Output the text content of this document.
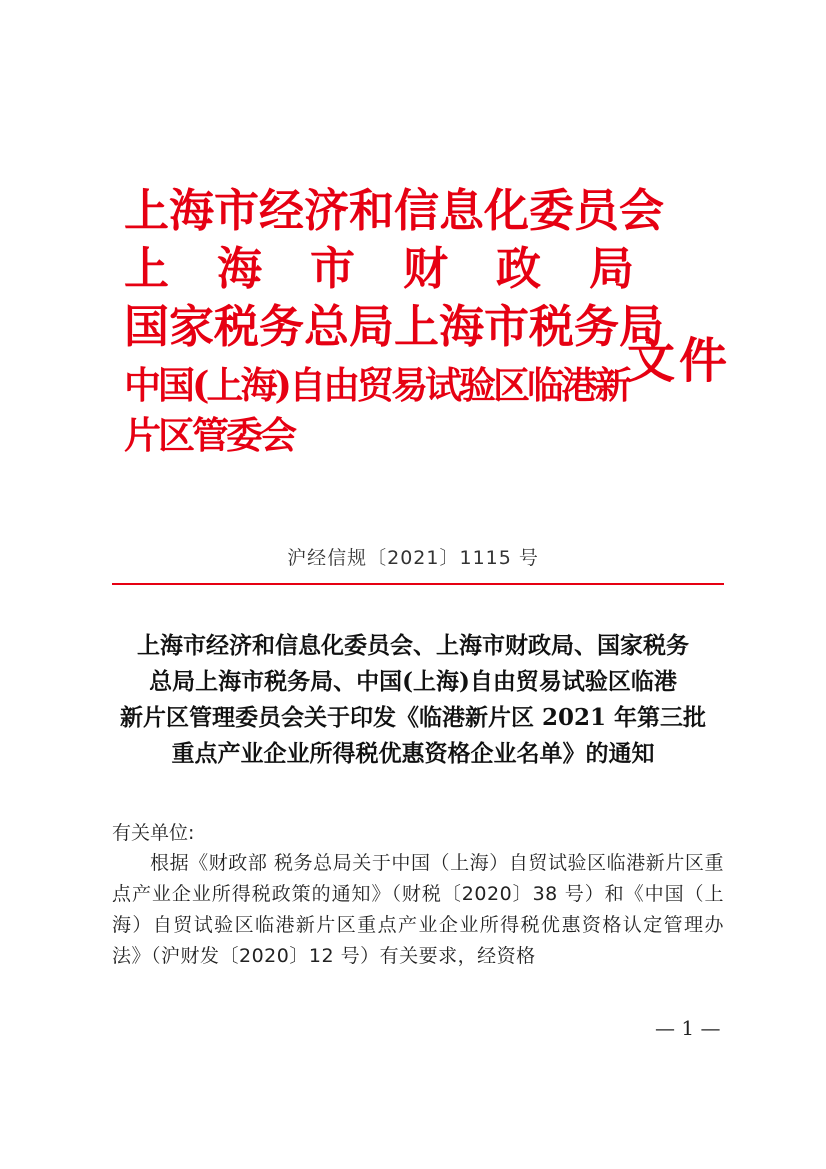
上海市经济和信息化委员会
上海市财政局
国家税务总局上海市税务局
中国(上海)自由贸易试验区临港新片区管委会
文件
沪经信规〔2021〕1115 号
上海市经济和信息化委员会、上海市财政局、国家税务
总局上海市税务局、中国(上海)自由贸易试验区临港
新片区管理委员会关于印发《临港新片区 2021 年第三批
重点产业企业所得税优惠资格企业名单》的通知
有关单位:
根据《财政部 税务总局关于中国（上海）自贸试验区临港新片区重点产业企业所得税政策的通知》（财税〔2020〕38 号）和《中国（上海）自贸试验区临港新片区重点产业企业所得税优惠资格认定管理办法》（沪财发〔2020〕12 号）有关要求，经资格
— 1 —
